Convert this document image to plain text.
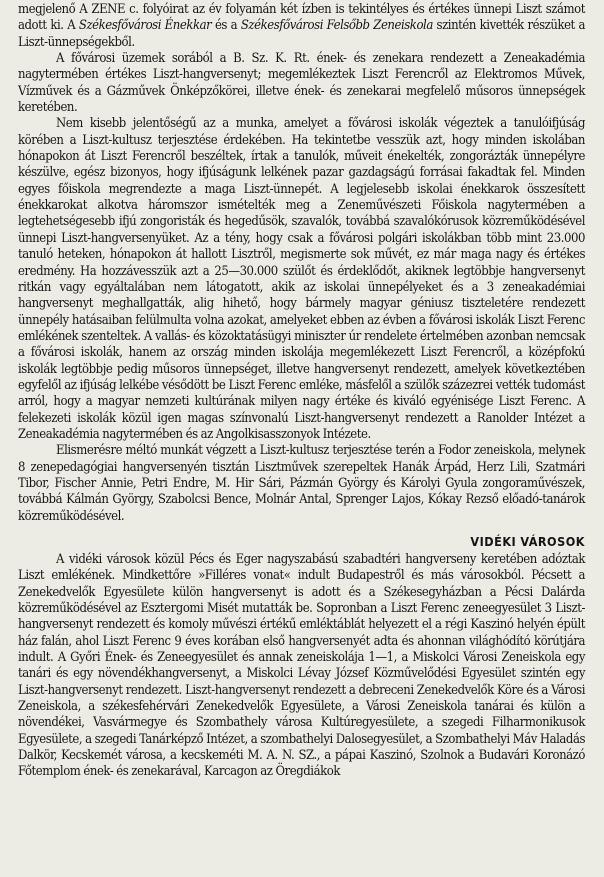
megjelenő A ZENE c. folyóirat az év folyamán két ízben is tekintélyes és értékes ünnepi Liszt számot adott ki. A Székesfővárosi Énekkar és a Székesfővárosi Felsőbb Zeneiskola szintén kivették részüket a Liszt-ünnepségekből.

A fővárosi üzemek sorából a B. Sz. K. Rt. ének- és zenekara rendezett a Zeneakadémia nagytermében értékes Liszt-hangversenyt; megemlékeztek Liszt Ferencről az Elektromos Művek, Vízművek és a Gázművek Önképzőkörei, illetve ének- és zenekarai megfelelő műsoros ünnepségek keretében.

Nem kisebb jelentőségű az a munka, amelyet a fővárosi iskolák végeztek a tanulóifjúság körében a Liszt-kultusz terjesztése érdekében. Ha tekintetbe vesszük azt, hogy minden iskolában hónapokon át Liszt Ferencről beszéltek, írtak a tanulók, műveit énekelték, zongorázták ünnepélyre készülve, egész bizonyos, hogy ifjúságunk lelkének pazar gazdagságú forrásai fakadtak fel. Minden egyes főiskola megrendezte a maga Liszt-ünnepét. A legjelesebb iskolai énekkarok összesített énekkarokat alkotva háromszor ismételték meg a Zeneművészeti Főiskola nagytermében a legtehetségesebb ifjú zongoristák és hegedűsök, szavalók, továbbá szavalókórusok közreműködésével ünnepi Liszt-hangversenyüket. Az a tény, hogy csak a fővárosi polgári iskolákban több mint 23.000 tanuló heteken, hónapokon át hallott Lisztről, megismerte sok művét, ez már maga nagy és értékes eredmény. Ha hozzávesszük azt a 25—30.000 szülőt és érdeklődőt, akiknek legtöbbje hangversenyt ritkán vagy egyáltalában nem látogatott, akik az iskolai ünnepélyeket és a 3 zeneakadémiai hangversenyt meghallgatták, alig hihető, hogy bármely magyar géniusz tiszteletére rendezett ünnepély hatásaiban felülmulta volna azokat, amelyeket ebben az évben a fővárosi iskolák Liszt Ferenc emlékének szenteltek. A vallás- és közoktatásügyi miniszter úr rendelete értelmében azonban nemcsak a fővárosi iskolák, hanem az ország minden iskolája megemlékezett Liszt Ferencről, a középfokú iskolák legtöbbje pedig műsoros ünnepséget, illetve hangversenyt rendezett, amelyek következtében egyfelől az ifjúság lelkébe vésődött be Liszt Ferenc emléke, másfelől a szülők százezrei vették tudomást arról, hogy a magyar nemzeti kultúrának milyen nagy értéke és kiváló egyénisége Liszt Ferenc. A felekezeti iskolák közül igen magas színvonalú Liszt-hangversenyt rendezett a Ranolder Intézet a Zeneakadémia nagytermében és az Angolkisasszonyok Intézete.

Elismerésre méltó munkát végzett a Liszt-kultusz terjesztése terén a Fodor zeneiskola, melynek 8 zenepedagógiai hangversenyén tisztán Lisztművek szerepeltek Hanák Árpád, Herz Lili, Szatmári Tibor, Fischer Annie, Petri Endre, M. Hir Sári, Pázmán György és Károlyi Gyula zongoraművészek, továbbá Kálmán György, Szabolcsi Bence, Molnár Antal, Sprenger Lajos, Kókay Rezső előadó-tanárok közreműködésével.

VIDÉKI VÁROSOK

A vidéki városok közül Pécs és Eger nagyszabású szabadtéri hangverseny keretében adóztak Liszt emlékének. Mindkettőre »Filléres vonat« indult Budapestről és más városokból. Pécsett a Zenekedvelők Egyesülete külön hangversenyt is adott és a Székesegyházban a Pécsi Dalárda közreműködésével az Esztergomi Misét mutatták be. Sopronban a Liszt Ferenc zeneegyesület 3 Liszt-hangversenyt rendezett és komoly művészi értékű emléktáblát helyezett el a régi Kaszinó helyén épült ház falán, ahol Liszt Ferenc 9 éves korában első hangversenyét adta és ahonnan világhódító körútjára indult. A Győri Ének- és Zeneegyesület és annak zeneiskolája 1—1, a Miskolci Városi Zeneiskola egy tanári és egy növendékhangversenyt, a Miskolci Lévay József Közművelődési Egyesület szintén egy Liszt-hangversenyt rendezett. Liszt-hangversenyt rendezett a debreceni Zenekedvelők Köre és a Városi Zeneiskola, a székesfehérvári Zenekedvelők Egyesülete, a Városi Zeneiskola tanárai és külön a növendékei, Vasvármegye és Szombathely városa Kultúregyesülete, a szegedi Filharmonikusok Egyesülete, a szegedi Tanárképző Intézet, a szombathelyi Dalosegyesület, a Szombathelyi Máv Haladás Dalkör, Kecskemét városa, a kecskeméti M. A. N. SZ., a pápai Kaszinó, Szolnok a Budavári Koronázó Főtemplom ének- és zenekarával, Karcagon az Öregdiákok
